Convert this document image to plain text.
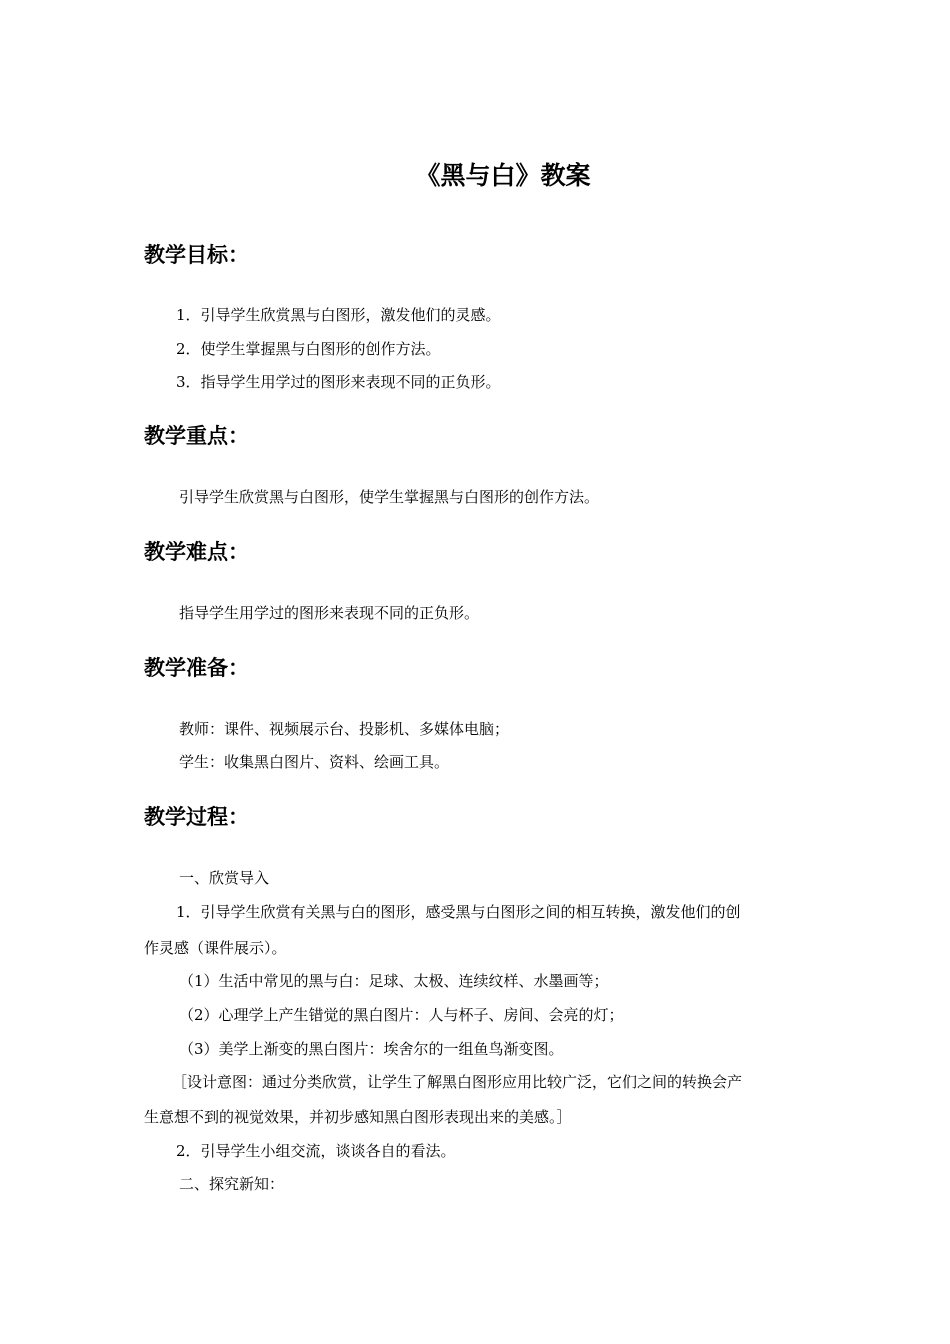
《黑与白》教案
教学目标：
1．引导学生欣赏黑与白图形，激发他们的灵感。
2．使学生掌握黑与白图形的创作方法。
3．指导学生用学过的图形来表现不同的正负形。
教学重点：
引导学生欣赏黑与白图形，使学生掌握黑与白图形的创作方法。
教学难点：
指导学生用学过的图形来表现不同的正负形。
教学准备：
教师：课件、视频展示台、投影机、多媒体电脑；
学生：收集黑白图片、资料、绘画工具。
教学过程：
一、欣赏导入
1．引导学生欣赏有关黑与白的图形，感受黑与白图形之间的相互转换，激发他们的创
作灵感（课件展示）。
（1）生活中常见的黑与白：足球、太极、连续纹样、水墨画等；
（2）心理学上产生错觉的黑白图片：人与杯子、房间、会亮的灯；
（3）美学上渐变的黑白图片：埃舍尔的一组鱼鸟渐变图。
［设计意图：通过分类欣赏，让学生了解黑白图形应用比较广泛，它们之间的转换会产
生意想不到的视觉效果，并初步感知黑白图形表现出来的美感。］
2．引导学生小组交流，谈谈各自的看法。
二、探究新知：
